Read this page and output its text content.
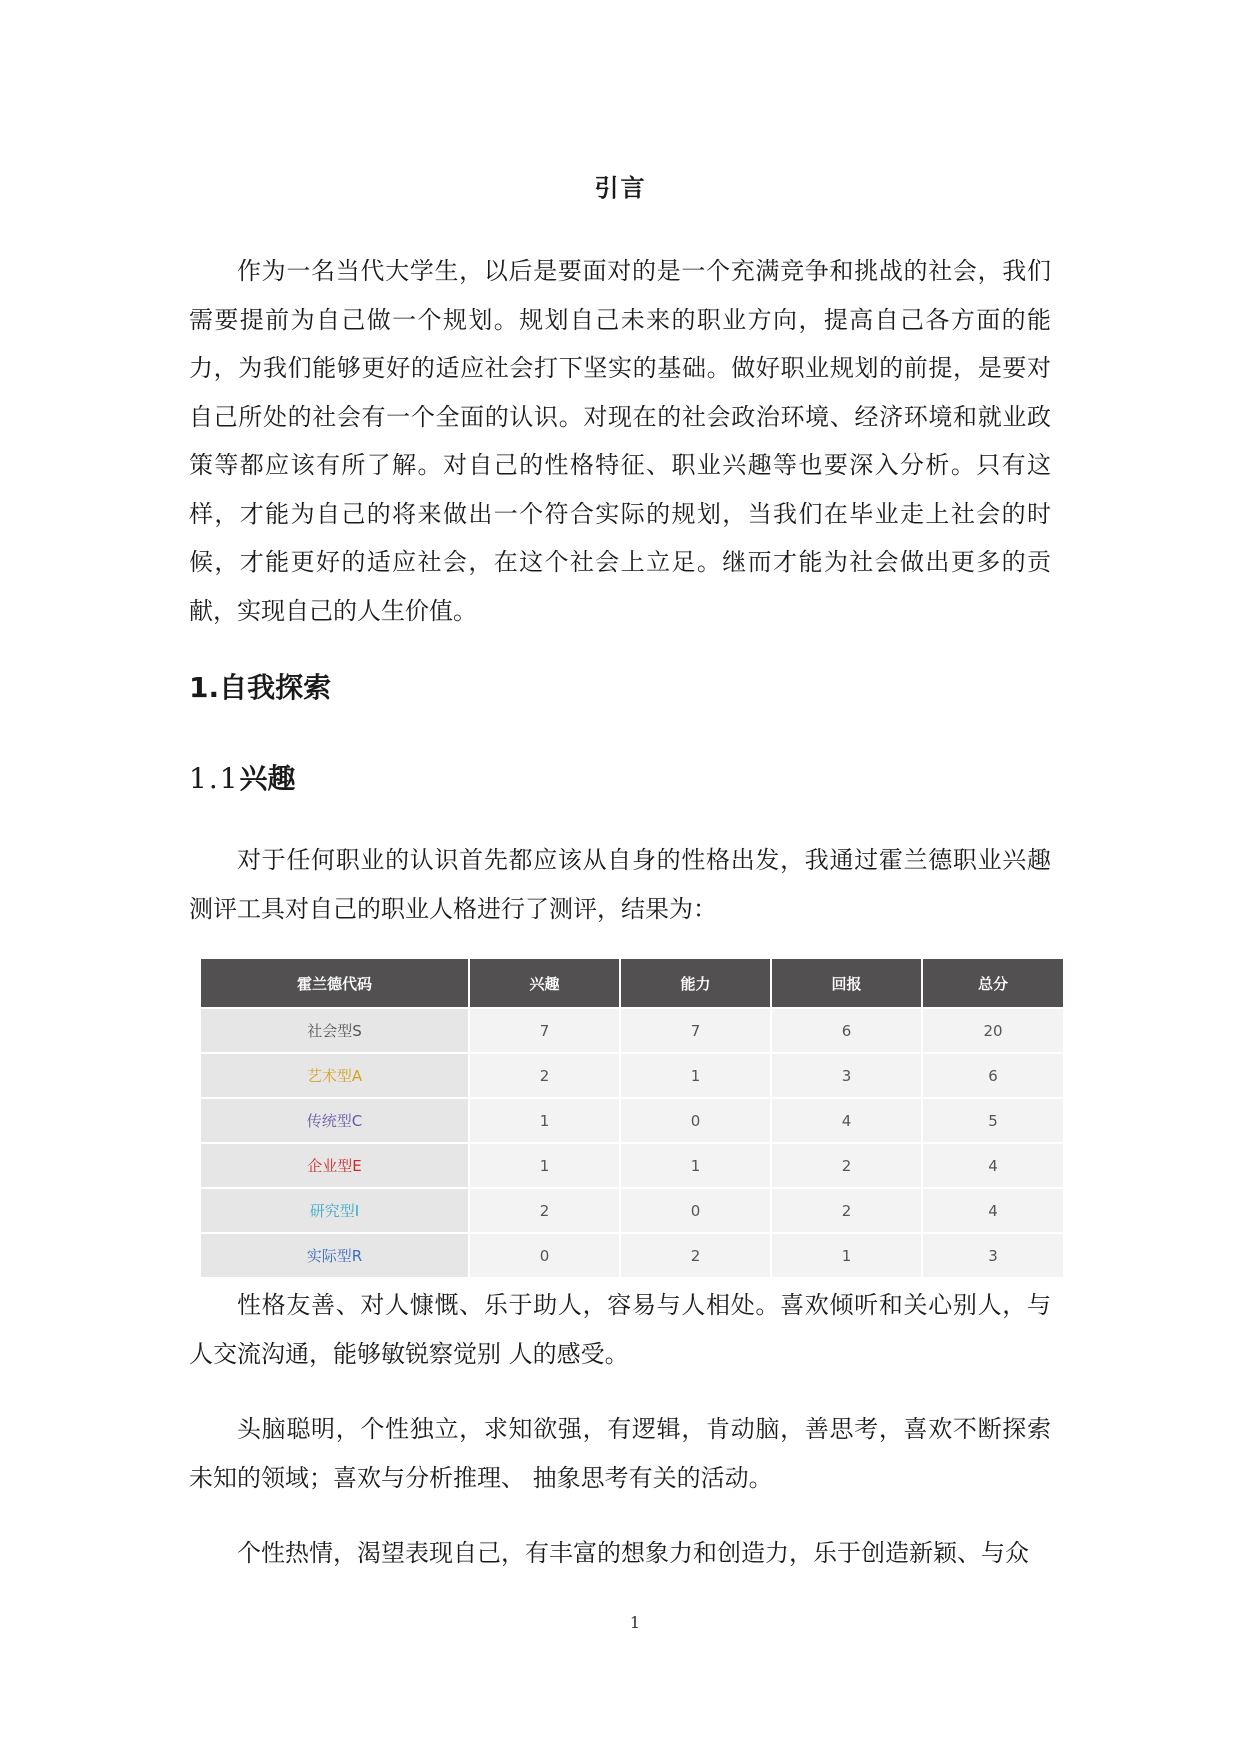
引言

作为一名当代大学生，以后是要面对的是一个充满竞争和挑战的社会，我们需要提前为自己做一个规划。规划自己未来的职业方向，提高自己各方面的能力，为我们能够更好的适应社会打下坚实的基础。做好职业规划的前提，是要对自己所处的社会有一个全面的认识。对现在的社会政治环境、经济环境和就业政策等都应该有所了解。对自己的性格特征、职业兴趣等也要深入分析。只有这样，才能为自己的将来做出一个符合实际的规划，当我们在毕业走上社会的时候，才能更好的适应社会，在这个社会上立足。继而才能为社会做出更多的贡献，实现自己的人生价值。

1.自我探索
1.1兴趣

对于任何职业的认识首先都应该从自身的性格出发，我通过霍兰德职业兴趣测评工具对自己的职业人格进行了测评，结果为：

霍兰德代码	兴趣	能力	回报	总分
社会型S	7	7	6	20
艺术型A	2	1	3	6
传统型C	1	0	4	5
企业型E	1	1	2	4
研究型I	2	0	2	4
实际型R	0	2	1	3

性格友善、对人慷慨、乐于助人，容易与人相处。喜欢倾听和关心别人，与人交流沟通，能够敏锐察觉别 人的感受。

头脑聪明，个性独立，求知欲强，有逻辑，肯动脑，善思考，喜欢不断探索未知的领域；喜欢与分析推理、 抽象思考有关的活动。

个性热情，渴望表现自己，有丰富的想象力和创造力，乐于创造新颖、与众

1
